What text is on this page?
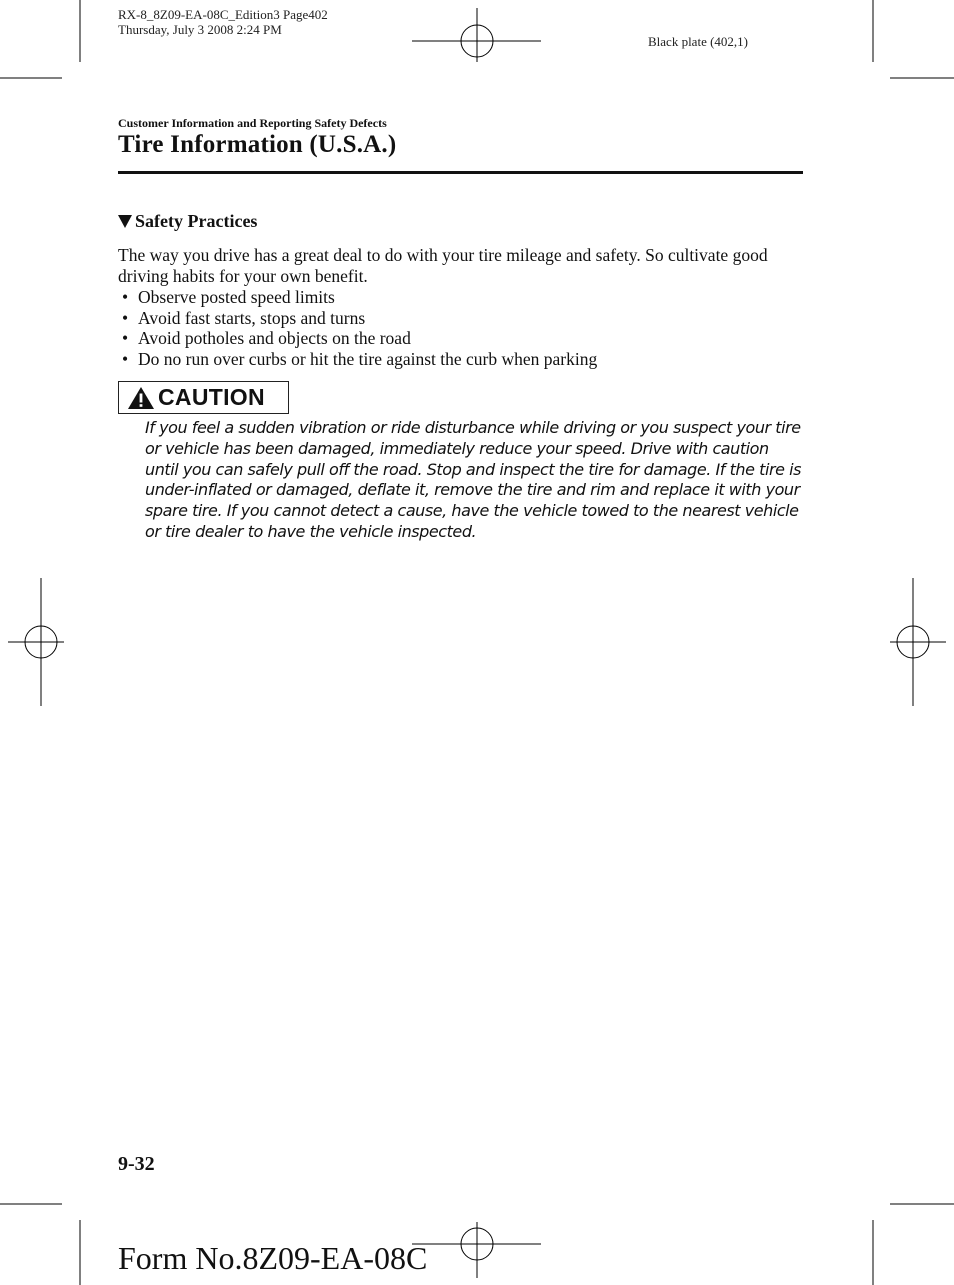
RX-8_8Z09-EA-08C_Edition3 Page402
Thursday, July 3 2008 2:24 PM
Black plate (402,1)
Customer Information and Reporting Safety Defects
Tire Information (U.S.A.)
Safety Practices
The way you drive has a great deal to do with your tire mileage and safety. So cultivate good driving habits for your own benefit.
• Observe posted speed limits
• Avoid fast starts, stops and turns
• Avoid potholes and objects on the road
• Do no run over curbs or hit the tire against the curb when parking
CAUTION
If you feel a sudden vibration or ride disturbance while driving or you suspect your tire or vehicle has been damaged, immediately reduce your speed. Drive with caution until you can safely pull off the road. Stop and inspect the tire for damage. If the tire is under-inflated or damaged, deflate it, remove the tire and rim and replace it with your spare tire. If you cannot detect a cause, have the vehicle towed to the nearest vehicle or tire dealer to have the vehicle inspected.
9-32
Form No.8Z09-EA-08C
